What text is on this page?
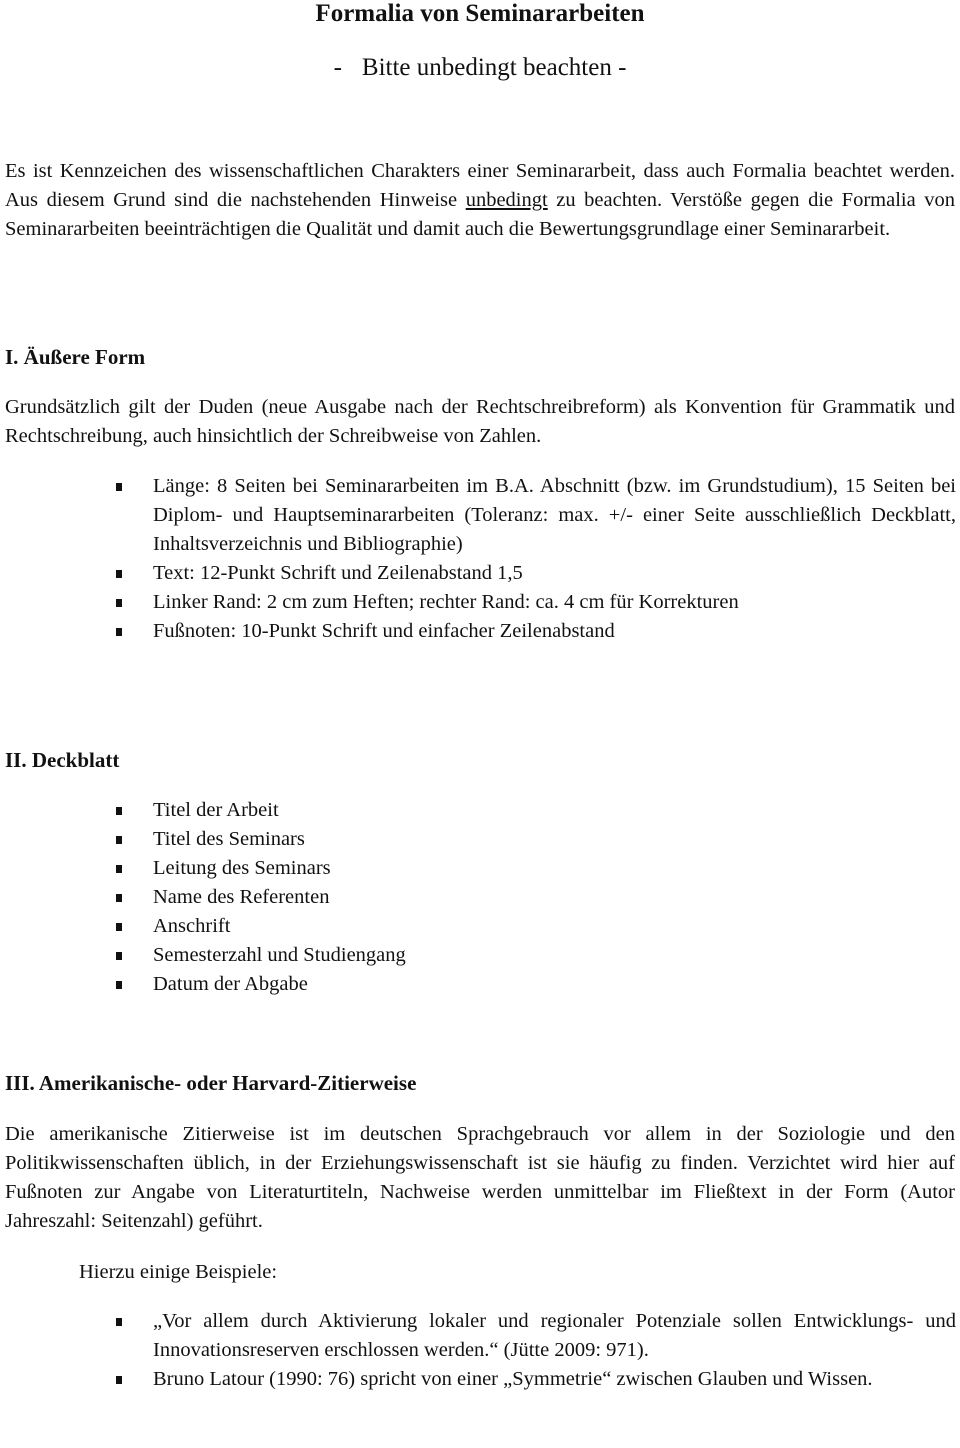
Formalia von Seminararbeiten
- Bitte unbedingt beachten -
Es ist Kennzeichen des wissenschaftlichen Charakters einer Seminararbeit, dass auch Formalia beachtet werden. Aus diesem Grund sind die nachstehenden Hinweise unbedingt zu beachten. Verstöße gegen die Formalia von Seminararbeiten beeinträchtigen die Qualität und damit auch die Bewertungsgrundlage einer Seminararbeit.
I. Äußere Form
Grundsätzlich gilt der Duden (neue Ausgabe nach der Rechtschreibreform) als Konvention für Grammatik und Rechtschreibung, auch hinsichtlich der Schreibweise von Zahlen.
Länge: 8 Seiten bei Seminararbeiten im B.A. Abschnitt (bzw. im Grundstudium), 15 Seiten bei Diplom- und Hauptseminararbeiten (Toleranz: max. +/- einer Seite ausschließlich Deckblatt, Inhaltsverzeichnis und Bibliographie)
Text: 12-Punkt Schrift und Zeilenabstand 1,5
Linker Rand: 2 cm zum Heften; rechter Rand: ca. 4 cm für Korrekturen
Fußnoten: 10-Punkt Schrift und einfacher Zeilenabstand
II. Deckblatt
Titel der Arbeit
Titel des Seminars
Leitung des Seminars
Name des Referenten
Anschrift
Semesterzahl und Studiengang
Datum der Abgabe
III. Amerikanische- oder Harvard-Zitierweise
Die amerikanische Zitierweise ist im deutschen Sprachgebrauch vor allem in der Soziologie und den Politikwissenschaften üblich, in der Erziehungswissenschaft ist sie häufig zu finden. Verzichtet wird hier auf Fußnoten zur Angabe von Literaturtiteln, Nachweise werden unmittelbar im Fließtext in der Form (Autor Jahreszahl: Seitenzahl) geführt.
Hierzu einige Beispiele:
„Vor allem durch Aktivierung lokaler und regionaler Potenziale sollen Entwicklungs- und Innovationsreserven erschlossen werden.“ (Jütte 2009: 971).
Bruno Latour (1990: 76) spricht von einer „Symmetrie“ zwischen Glauben und Wissen.
